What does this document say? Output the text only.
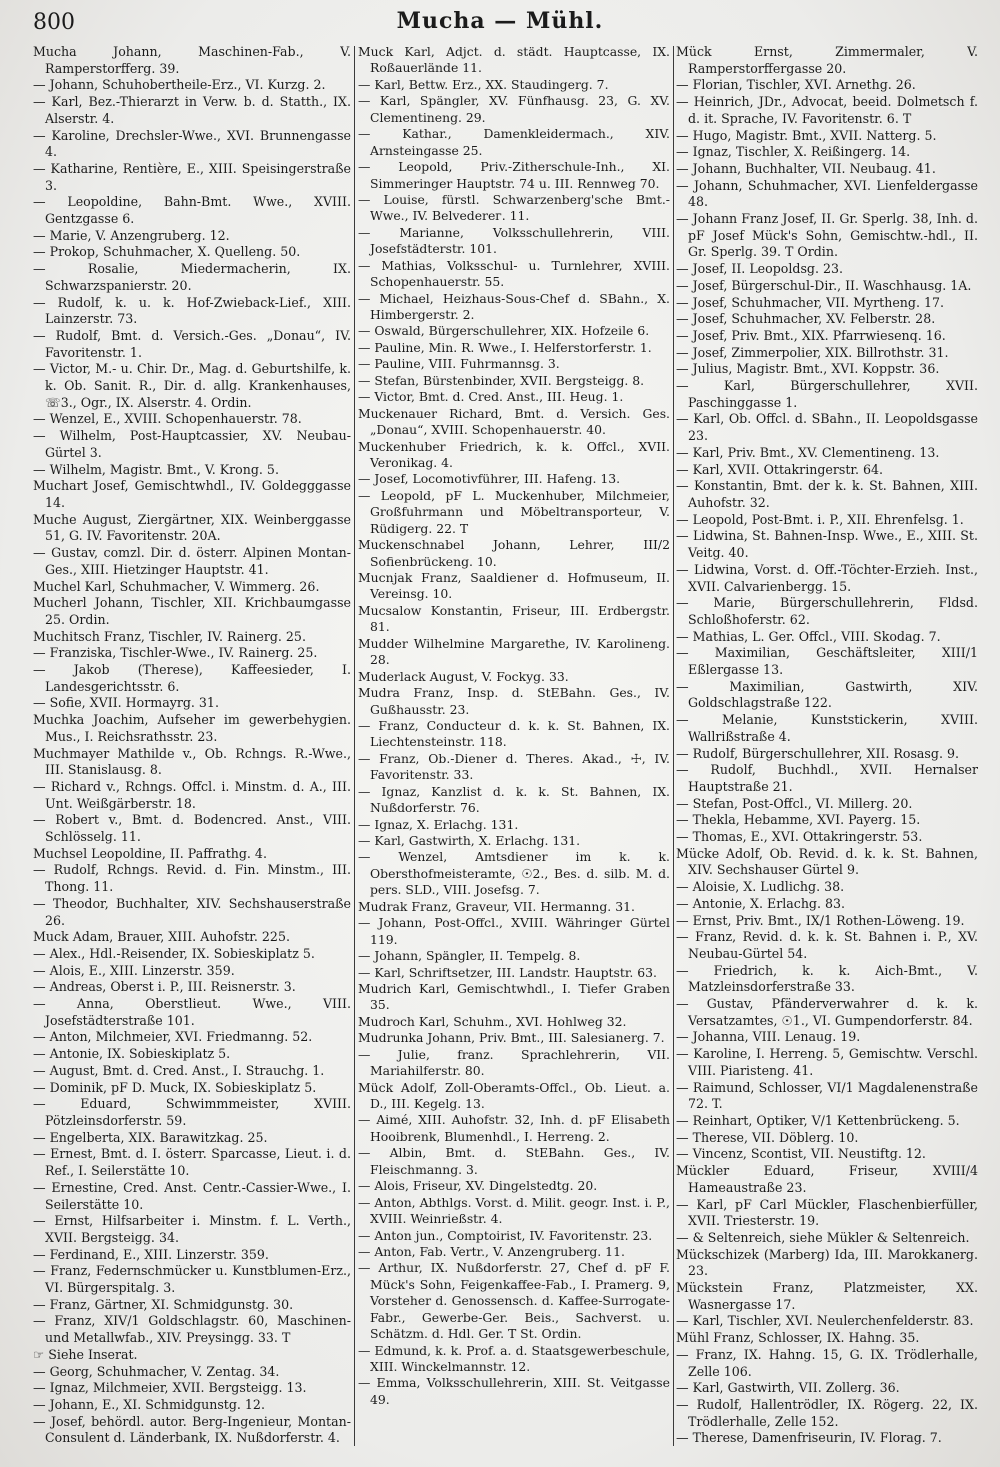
800	Mucha — Mühl.

Mucha Johann, Maschinen-Fab., V. Ramperstorfferg. 39.

— Johann, Schuhobertheile-Erz., VI. Kurzg. 2.

— Karl, Bez.-Thierarzt in Verw. b. d. Statth., IX. Alserstr. 4.

— Karoline, Drechsler-Wwe., XVI. Brunnengasse 4.

— Katharine, Rentière, E., XIII. Speisingerstraße 3.

— Leopoldine, Bahn-Bmt. Wwe., XVIII. Gentzgasse 6.

— Marie, V. Anzengruberg. 12.

— Prokop, Schuhmacher, X. Quelleng. 50.

— Rosalie, Miedermacherin, IX. Schwarzspanierstr. 20.

— Rudolf, k. u. k. Hof-Zwieback-Lief., XIII. Lainzerstr. 73.

— Rudolf, Bmt. d. Versich.-Ges. „Donau“, IV. Favoritenstr. 1.

— Victor, M.- u. Chir. Dr., Mag. d. Geburtshilfe, k. k. Ob. Sanit. R., Dir. d. allg. Krankenhauses, ☏3., Ogr., IX. Alserstr. 4. Ordin.

— Wenzel, E., XVIII. Schopenhauerstr. 78.

— Wilhelm, Post-Hauptcassier, XV. Neubau-Gürtel 3.

— Wilhelm, Magistr. Bmt., V. Krong. 5.

Muchart Josef, Gemischtwhdl., IV. Goldegggasse 14.

Muche August, Ziergärtner, XIX. Weinberggasse 51, G. IV. Favoritenstr. 20A.

— Gustav, comzl. Dir. d. österr. Alpinen Montan-Ges., XIII. Hietzinger Hauptstr. 41.

Muchel Karl, Schuhmacher, V. Wimmerg. 26.

Mucherl Johann, Tischler, XII. Krichbaumgasse 25. Ordin.

Muchitsch Franz, Tischler, IV. Rainerg. 25.

— Franziska, Tischler-Wwe., IV. Rainerg. 25.

— Jakob (Therese), Kaffeesieder, I. Landesgerichtsstr. 6.

— Sofie, XVII. Hormayrg. 31.

Muchka Joachim, Aufseher im gewerbehygien. Mus., I. Reichsrathsstr. 23.

Muchmayer Mathilde v., Ob. Rchngs. R.-Wwe., III. Stanislausg. 8.

— Richard v., Rchngs. Offcl. i. Minstm. d. A., III. Unt. Weißgärberstr. 18.

— Robert v., Bmt. d. Bodencred. Anst., VIII. Schlösselg. 11.

Muchsel Leopoldine, II. Paffrathg. 4.

— Rudolf, Rchngs. Revid. d. Fin. Minstm., III. Thong. 11.

— Theodor, Buchhalter, XIV. Sechshauserstraße 26.

Muck Adam, Brauer, XIII. Auhofstr. 225.

— Alex., Hdl.-Reisender, IX. Sobieskiplatz 5.

— Alois, E., XIII. Linzerstr. 359.

— Andreas, Oberst i. P., III. Reisnerstr. 3.

— Anna, Oberstlieut. Wwe., VIII. Josefstädterstraße 101.

— Anton, Milchmeier, XVI. Friedmanng. 52.

— Antonie, IX. Sobieskiplatz 5.

— August, Bmt. d. Cred. Anst., I. Strauchg. 1.

— Dominik, pF D. Muck, IX. Sobieskiplatz 5.

— Eduard, Schwimmmeister, XVIII. Pötzleinsdorferstr. 59.

— Engelberta, XIX. Barawitzkag. 25.

— Ernest, Bmt. d. I. österr. Sparcasse, Lieut. i. d. Ref., I. Seilerstätte 10.

— Ernestine, Cred. Anst. Centr.-Cassier-Wwe., I. Seilerstätte 10.

— Ernst, Hilfsarbeiter i. Minstm. f. L. Verth., XVII. Bergsteigg. 34.

— Ferdinand, E., XIII. Linzerstr. 359.

— Franz, Federnschmücker u. Kunstblumen-Erz., VI. Bürgerspitalg. 3.

— Franz, Gärtner, XI. Schmidgunstg. 30.

— Franz, XIV/1 Goldschlagstr. 60, Maschinen- und Metallwfab., XIV. Preysingg. 33. T

☞ Siehe Inserat.

— Georg, Schuhmacher, V. Zentag. 34.

— Ignaz, Milchmeier, XVII. Bergsteigg. 13.

— Johann, E., XI. Schmidgunstg. 12.

— Josef, behördl. autor. Berg-Ingenieur, Montan-Consulent d. Länderbank, IX. Nußdorferstr. 4.

Muck Karl, Adjct. d. städt. Hauptcasse, IX. Roßauerlände 11.

— Karl, Bettw. Erz., XX. Staudingerg. 7.

— Karl, Spängler, XV. Fünfhausg. 23, G. XV. Clementineng. 29.

— Kathar., Damenkleidermach., XIV. Arnsteingasse 25.

— Leopold, Priv.-Zitherschule-Inh., XI. Simmeringer Hauptstr. 74 u. III. Rennweg 70.

— Louise, fürstl. Schwarzenberg'sche Bmt.-Wwe., IV. Belvederег. 11.

— Marianne, Volksschullehrerin, VIII. Josefstädterstr. 101.

— Mathias, Volksschul- u. Turnlehrer, XVIII. Schopenhauerstr. 55.

— Michael, Heizhaus-Sous-Chef d. SBahn., X. Himbergerstr. 2.

— Oswald, Bürgerschullehrer, XIX. Hofzeile 6.

— Pauline, Min. R. Wwe., I. Helferstorferstr. 1.

— Pauline, VIII. Fuhrmannsg. 3.

— Stefan, Bürstenbinder, XVII. Bergsteigg. 8.

— Victor, Bmt. d. Cred. Anst., III. Heug. 1.

Muckenauer Richard, Bmt. d. Versich. Ges. „Donau“, XVIII. Schopenhauerstr. 40.

Muckenhuber Friedrich, k. k. Offcl., XVII. Veronikag. 4.

— Josef, Locomotivführer, III. Hafeng. 13.

— Leopold, pF L. Muckenhuber, Milchmeier, Großfuhrmann und Möbeltransporteur, V. Rüdigerg. 22. T

Muckenschnabel Johann, Lehrer, III/2 Sofienbrückeng. 10.

Mucnjak Franz, Saaldiener d. Hofmuseum, II. Vereinsg. 10.

Mucsalow Konstantin, Friseur, III. Erdbergstr. 81.

Mudder Wilhelmine Margarethe, IV. Karolineng. 28.

Muderlack August, V. Fockyg. 33.

Mudra Franz, Insp. d. StEBahn. Ges., IV. Gußhausstr. 23.

— Franz, Conducteur d. k. k. St. Bahnen, IX. Liechtensteinstr. 118.

— Franz, Ob.-Diener d. Theres. Akad., ☩, IV. Favoritenstr. 33.

— Ignaz, Kanzlist d. k. k. St. Bahnen, IX. Nußdorferstr. 76.

— Ignaz, X. Erlachg. 131.

— Karl, Gastwirth, X. Erlachg. 131.

— Wenzel, Amtsdiener im k. k. Obersthofmeisteramte, ☉2., Bes. d. silb. M. d. pers. SLD., VIII. Josefsg. 7.

Mudrak Franz, Graveur, VII. Hermanng. 31.

— Johann, Post-Offcl., XVIII. Währinger Gürtel 119.

— Johann, Spängler, II. Tempelg. 8.

— Karl, Schriftsetzer, III. Landstr. Hauptstr. 63.

Mudrich Karl, Gemischtwhdl., I. Tiefer Graben 35.

Mudroch Karl, Schuhm., XVI. Hohlweg 32.

Mudrunka Johann, Priv. Bmt., III. Salesianerg. 7.

— Julie, franz. Sprachlehrerin, VII. Mariahilferstr. 80.

Mück Adolf, Zoll-Oberamts-Offcl., Ob. Lieut. a. D., III. Kegelg. 13.

— Aimé, XIII. Auhofstr. 32, Inh. d. pF Elisabeth Hooibrenk, Blumenhdl., I. Herreng. 2.

— Albin, Bmt. d. StEBahn. Ges., IV. Fleischmanng. 3.

— Alois, Friseur, XV. Dingelstedtg. 20.

— Anton, Abthlgs. Vorst. d. Milit. geogr. Inst. i. P., XVIII. Weinrießstr. 4.

— Anton jun., Comptoirist, IV. Favoritenstr. 23.

— Anton, Fab. Vertr., V. Anzengruberg. 11.

— Arthur, IX. Nußdorferstr. 27, Chef d. pF F. Mück's Sohn, Feigenkaffee-Fab., I. Pramerg. 9, Vorsteher d. Genossensch. d. Kaffee-Surrogate-Fabr., Gewerbe-Ger. Beis., Sachverst. u. Schätzm. d. Hdl. Ger. T St. Ordin.

— Edmund, k. k. Prof. a. d. Staatsgewerbeschule, XIII. Winckelmannstr. 12.

— Emma, Volksschullehrerin, XIII. St. Veitgasse 49.

Mück Ernst, Zimmermaler, V. Ramperstorffergasse 20.

— Florian, Tischler, XVI. Arnethg. 26.

— Heinrich, JDr., Advocat, beeid. Dolmetsch f. d. it. Sprache, IV. Favoritenstr. 6. T

— Hugo, Magistr. Bmt., XVII. Natterg. 5.

— Ignaz, Tischler, X. Reißingerg. 14.

— Johann, Buchhalter, VII. Neubaug. 41.

— Johann, Schuhmacher, XVI. Lienfeldergasse 48.

— Johann Franz Josef, II. Gr. Sperlg. 38, Inh. d. pF Josef Mück's Sohn, Gemischtw.-hdl., II. Gr. Sperlg. 39. T Ordin.

— Josef, II. Leopoldsg. 23.

— Josef, Bürgerschul-Dir., II. Waschhausg. 1A.

— Josef, Schuhmacher, VII. Myrtheng. 17.

— Josef, Schuhmacher, XV. Felberstr. 28.

— Josef, Priv. Bmt., XIX. Pfarrwiesenq. 16.

— Josef, Zimmerpolier, XIX. Billrothstr. 31.

— Julius, Magistr. Bmt., XVI. Koppstr. 36.

— Karl, Bürgerschullehrer, XVII. Paschinggasse 1.

— Karl, Ob. Offcl. d. SBahn., II. Leopoldsgasse 23.

— Karl, Priv. Bmt., XV. Clementineng. 13.

— Karl, XVII. Ottakringerstr. 64.

— Konstantin, Bmt. der k. k. St. Bahnen, XIII. Auhofstr. 32.

— Leopold, Post-Bmt. i. P., XII. Ehrenfelsg. 1.

— Lidwina, St. Bahnen-Insp. Wwe., E., XIII. St. Veitg. 40.

— Lidwina, Vorst. d. Off.-Töchter-Erzieh. Inst., XVII. Calvarienbergg. 15.

— Marie, Bürgerschullehrerin, Fldsd. Schloßhoferstr. 62.

— Mathias, L. Ger. Offcl., VIII. Skodag. 7.

— Maximilian, Geschäftsleiter, XIII/1 Eßlergasse 13.

— Maximilian, Gastwirth, XIV. Goldschlagstraße 122.

— Melanie, Kunststickerin, XVIII. Wallrißstraße 4.

— Rudolf, Bürgerschullehrer, XII. Rosasg. 9.

— Rudolf, Buchhdl., XVII. Hernalser Hauptstraße 21.

— Stefan, Post-Offcl., VI. Millerg. 20.

— Thekla, Hebamme, XVI. Payerg. 15.

— Thomas, E., XVI. Ottakringerstr. 53.

Mücke Adolf, Ob. Revid. d. k. k. St. Bahnen, XIV. Sechshauser Gürtel 9.

— Aloisie, X. Ludlichg. 38.

— Antonie, X. Erlachg. 83.

— Ernst, Priv. Bmt., IX/1 Rothen-Löweng. 19.

— Franz, Revid. d. k. k. St. Bahnen i. P., XV. Neubau-Gürtel 54.

— Friedrich, k. k. Aich-Bmt., V. Matzleinsdorferstraße 33.

— Gustav, Pfänderverwahrer d. k. k. Versatzamtes, ☉1., VI. Gumpendorferstr. 84.

— Johanna, VIII. Lenaug. 19.

— Karoline, I. Herreng. 5, Gemischtw. Verschl. VIII. Piaristeng. 41.

— Raimund, Schlosser, VI/1 Magdalenenstraße 72. T.

— Reinhart, Optiker, V/1 Kettenbrückeng. 5.

— Therese, VII. Döblerg. 10.

— Vincenz, Scontist, VII. Neustiftg. 12.

Mückler Eduard, Friseur, XVIII/4 Hameaustraße 23.

— Karl, pF Carl Mückler, Flaschenbierfüller, XVII. Triesterstr. 19.

— & Seltenreich, siehe Mükler & Seltenreich.

Mückschizek (Marberg) Ida, III. Marokkanerg. 23.

Mückstein Franz, Platzmeister, XX. Wasnergasse 17.

— Karl, Tischler, XVI. Neulerchenfelderstr. 83.

Mühl Franz, Schlosser, IX. Hahng. 35.

— Franz, IX. Hahng. 15, G. IX. Trödlerhalle, Zelle 106.

— Karl, Gastwirth, VII. Zollerg. 36.

— Rudolf, Hallentrödler, IX. Rögerg. 22, IX. Trödlerhalle, Zelle 152.

— Therese, Damenfriseurin, IV. Florag. 7.
